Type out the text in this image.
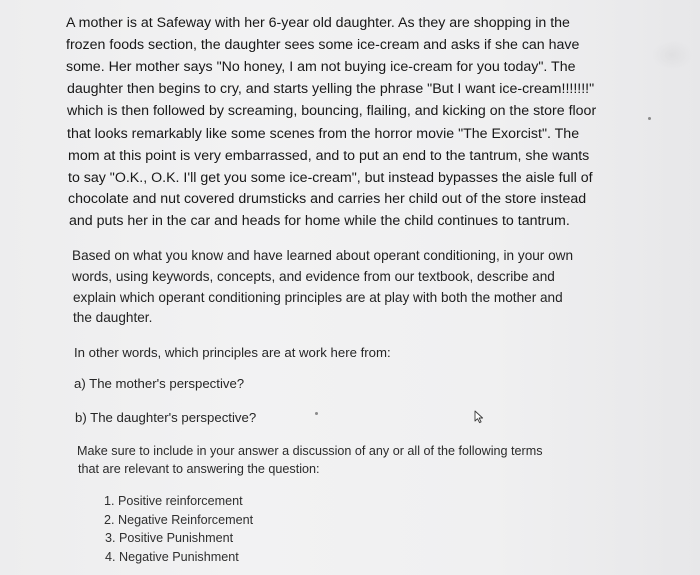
A mother is at Safeway with her 6-year old daughter. As they are shopping in the
frozen foods section, the daughter sees some ice-cream and asks if she can have
some. Her mother says "No honey, I am not buying ice-cream for you today". The
daughter then begins to cry, and starts yelling the phrase "But I want ice-cream!!!!!!!"
which is then followed by screaming, bouncing, flailing, and kicking on the store floor
that looks remarkably like some scenes from the horror movie "The Exorcist". The
mom at this point is very embarrassed, and to put an end to the tantrum, she wants
to say "O.K., O.K. I'll get you some ice-cream", but instead bypasses the aisle full of
chocolate and nut covered drumsticks and carries her child out of the store instead
and puts her in the car and heads for home while the child continues to tantrum.
Based on what you know and have learned about operant conditioning, in your own
words, using keywords, concepts, and evidence from our textbook, describe and
explain which operant conditioning principles are at play with both the mother and
the daughter.
In other words, which principles are at work here from:
a) The mother's perspective?
b) The daughter's perspective?
Make sure to include in your answer a discussion of any or all of the following terms
that are relevant to answering the question:
1. Positive reinforcement
2. Negative Reinforcement
3. Positive Punishment
4. Negative Punishment
